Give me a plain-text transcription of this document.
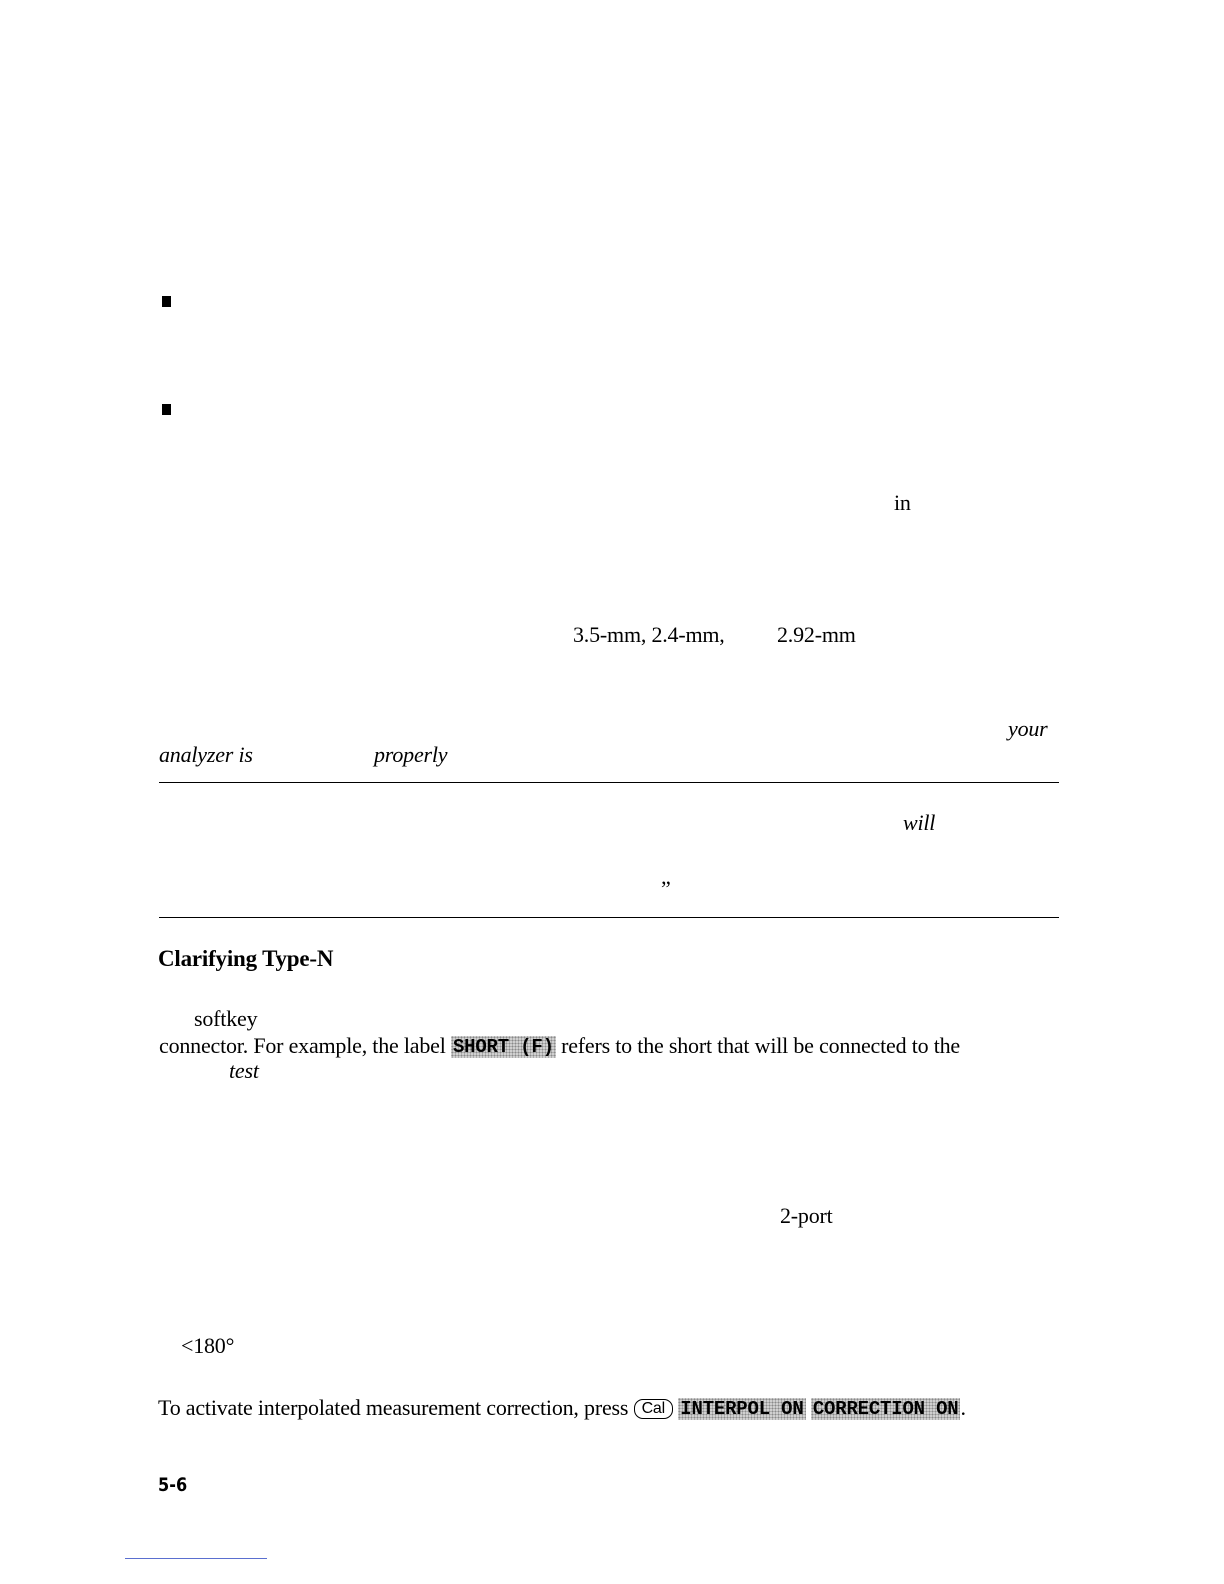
in
3.5-mm, 2.4-mm, 2.92-mm
your
analyzer is	properly
will
”
Clarifying Type-N
softkey
connector. For example, the label SHORT (F) refers to the short that will be connected to the
test
2-port
<180°
To activate interpolated measurement correction, press Cal INTERPOL ON CORRECTION ON.
5-6
